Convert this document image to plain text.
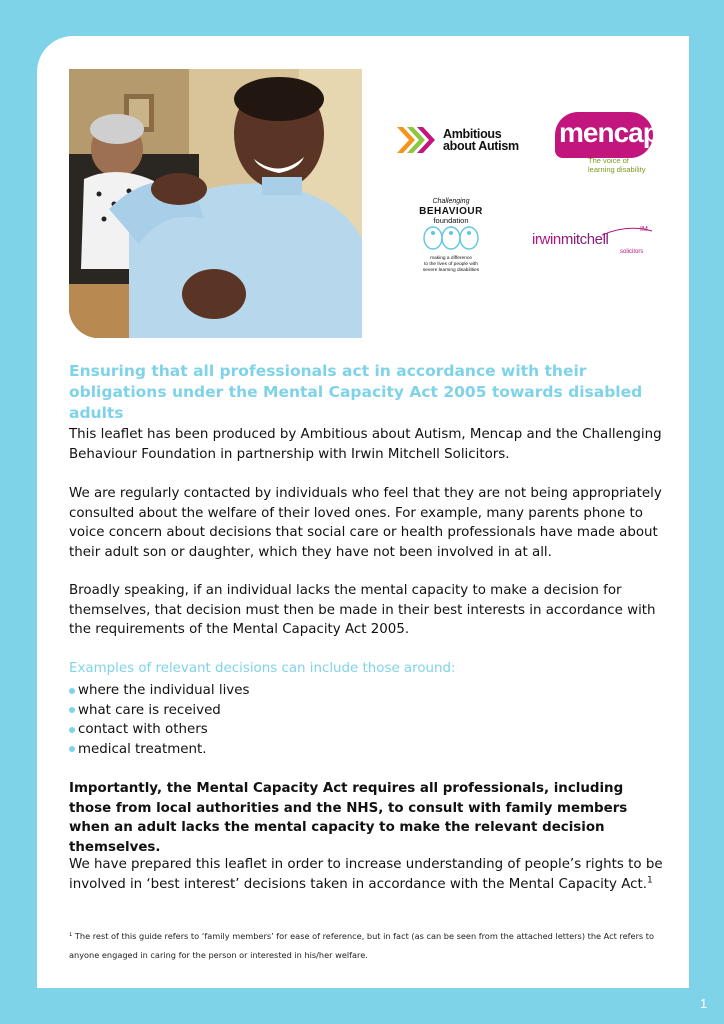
Ambitious
about Autism mencap
The voice of
learning disability
Challenging
BEHAVIOUR
foundation
making a difference
to the lives of people with
severe learning disabilities
IM
irwinmitchell
solicitors
Ensuring that all professionals act in accordance with their obligations under the Mental Capacity Act 2005 towards disabled adults

This leaflet has been produced by Ambitious about Autism, Mencap and the Challenging Behaviour Foundation in partnership with Irwin Mitchell Solicitors.

We are regularly contacted by individuals who feel that they are not being appropriately consulted about the welfare of their loved ones. For example, many parents phone to voice concern about decisions that social care or health professionals have made about their adult son or daughter, which they have not been involved in at all.

Broadly speaking, if an individual lacks the mental capacity to make a decision for themselves, that decision must then be made in their best interests in accordance with the requirements of the Mental Capacity Act 2005.

Examples of relevant decisions can include those around:

where the individual lives
what care is received
contact with others
medical treatment.

Importantly, the Mental Capacity Act requires all professionals, including those from local authorities and the NHS, to consult with family members when an adult lacks the mental capacity to make the relevant decision themselves.

We have prepared this leaflet in order to increase understanding of people’s rights to be involved in ‘best interest’ decisions taken in accordance with the Mental Capacity Act.$^1$

¹ The rest of this guide refers to ‘family members’ for ease of reference, but in fact (as can be seen from the attached letters) the Act refers to anyone engaged in caring for the person or interested in his/her welfare.

1
